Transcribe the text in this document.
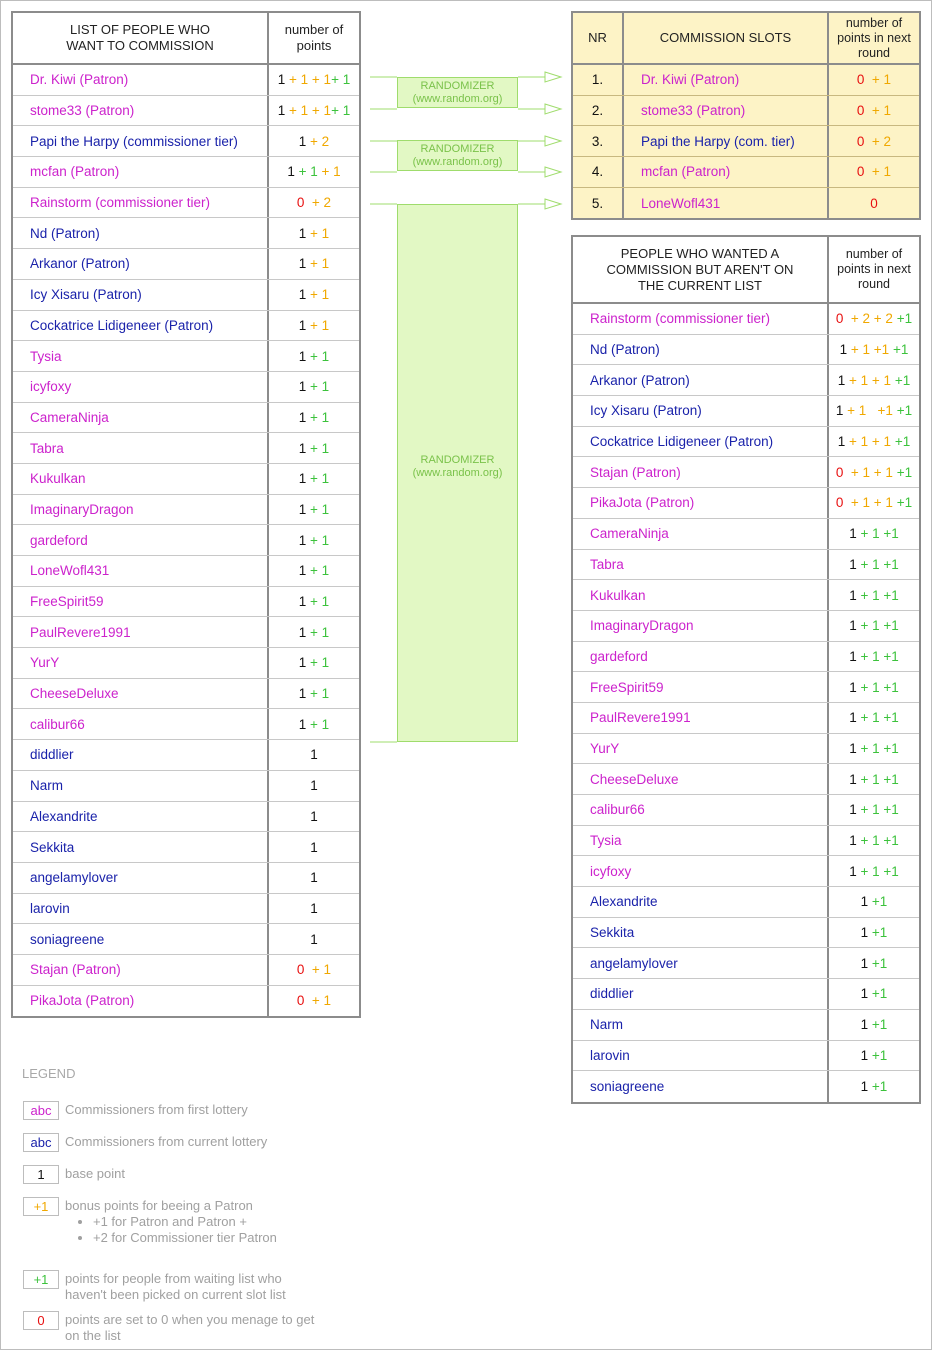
LIST OF PEOPLE WHO
WANT TO COMMISSION
number of
points
Dr. Kiwi (Patron)	1 + 1 + 1 + 1
stome33 (Patron)	1 + 1 + 1 + 1
Papi the Harpy (commissioner tier)	1 + 2
mcfan (Patron)	1 + 1 + 1
Rainstorm (commissioner tier)	0 + 2
Nd (Patron)	1 + 1
Arkanor (Patron)	1 + 1
Icy Xisaru (Patron)	1 + 1
Cockatrice Lidigeneer (Patron)	1 + 1
Tysia	1 + 1
icyfoxy	1 + 1
CameraNinja	1 + 1
Tabra	1 + 1
Kukulkan	1 + 1
ImaginaryDragon	1 + 1
gardeford	1 + 1
LoneWofl431	1 + 1
FreeSpirit59	1 + 1
PaulRevere1991	1 + 1
YurY	1 + 1
CheeseDeluxe	1 + 1
calibur66	1 + 1
diddlier	1
Narm	1
Alexandrite	1
Sekkita	1
angelamylover	1
larovin	1
soniagreene	1
Stajan (Patron)	0 + 1
PikaJota (Patron)	0 + 1
RANDOMIZER
(www.random.org)
RANDOMIZER
(www.random.org)
RANDOMIZER
(www.random.org)
NR	COMMISSION SLOTS
number of
points in next
round
1.	Dr. Kiwi (Patron)	0 + 1
2.	stome33 (Patron)	0 + 1
3.	Papi the Harpy (com. tier)	0 + 2
4.	mcfan (Patron)	0 + 1
5.	LoneWofl431	0
PEOPLE WHO WANTED A
COMMISSION BUT AREN'T ON
THE CURRENT LIST
number of
points in next
round
Rainstorm (commissioner tier)	0 + 2 + 2 +1
Nd (Patron)	1 + 1 +1 +1
Arkanor (Patron)	1 + 1 + 1 +1
Icy Xisaru (Patron)	1 + 1   +1 +1
Cockatrice Lidigeneer (Patron)	1 + 1 + 1 +1
Stajan (Patron)	0 + 1 + 1 +1
PikaJota (Patron)	0 + 1 + 1 +1
CameraNinja	1 + 1 +1
Tabra	1 + 1 +1
Kukulkan	1 + 1 +1
ImaginaryDragon	1 + 1 +1
gardeford	1 + 1 +1
FreeSpirit59	1 + 1 +1
PaulRevere1991	1 + 1 +1
YurY	1 + 1 +1
CheeseDeluxe	1 + 1 +1
calibur66	1 + 1 +1
Tysia	1 + 1 +1
icyfoxy	1 + 1 +1
Alexandrite	1 +1
Sekkita	1 +1
angelamylover	1 +1
diddlier	1 +1
Narm	1 +1
larovin	1 +1
soniagreene	1 +1
LEGEND
abc	Commissioners from first lottery
abc	Commissioners from current lottery
1	base point
+1	bonus points for beeing a Patron
• +1 for Patron and Patron +
• +2 for Commissioner tier Patron
+1	points for people from waiting list who
haven't been picked on current slot list
0	points are set to 0 when you menage to get
on the list
